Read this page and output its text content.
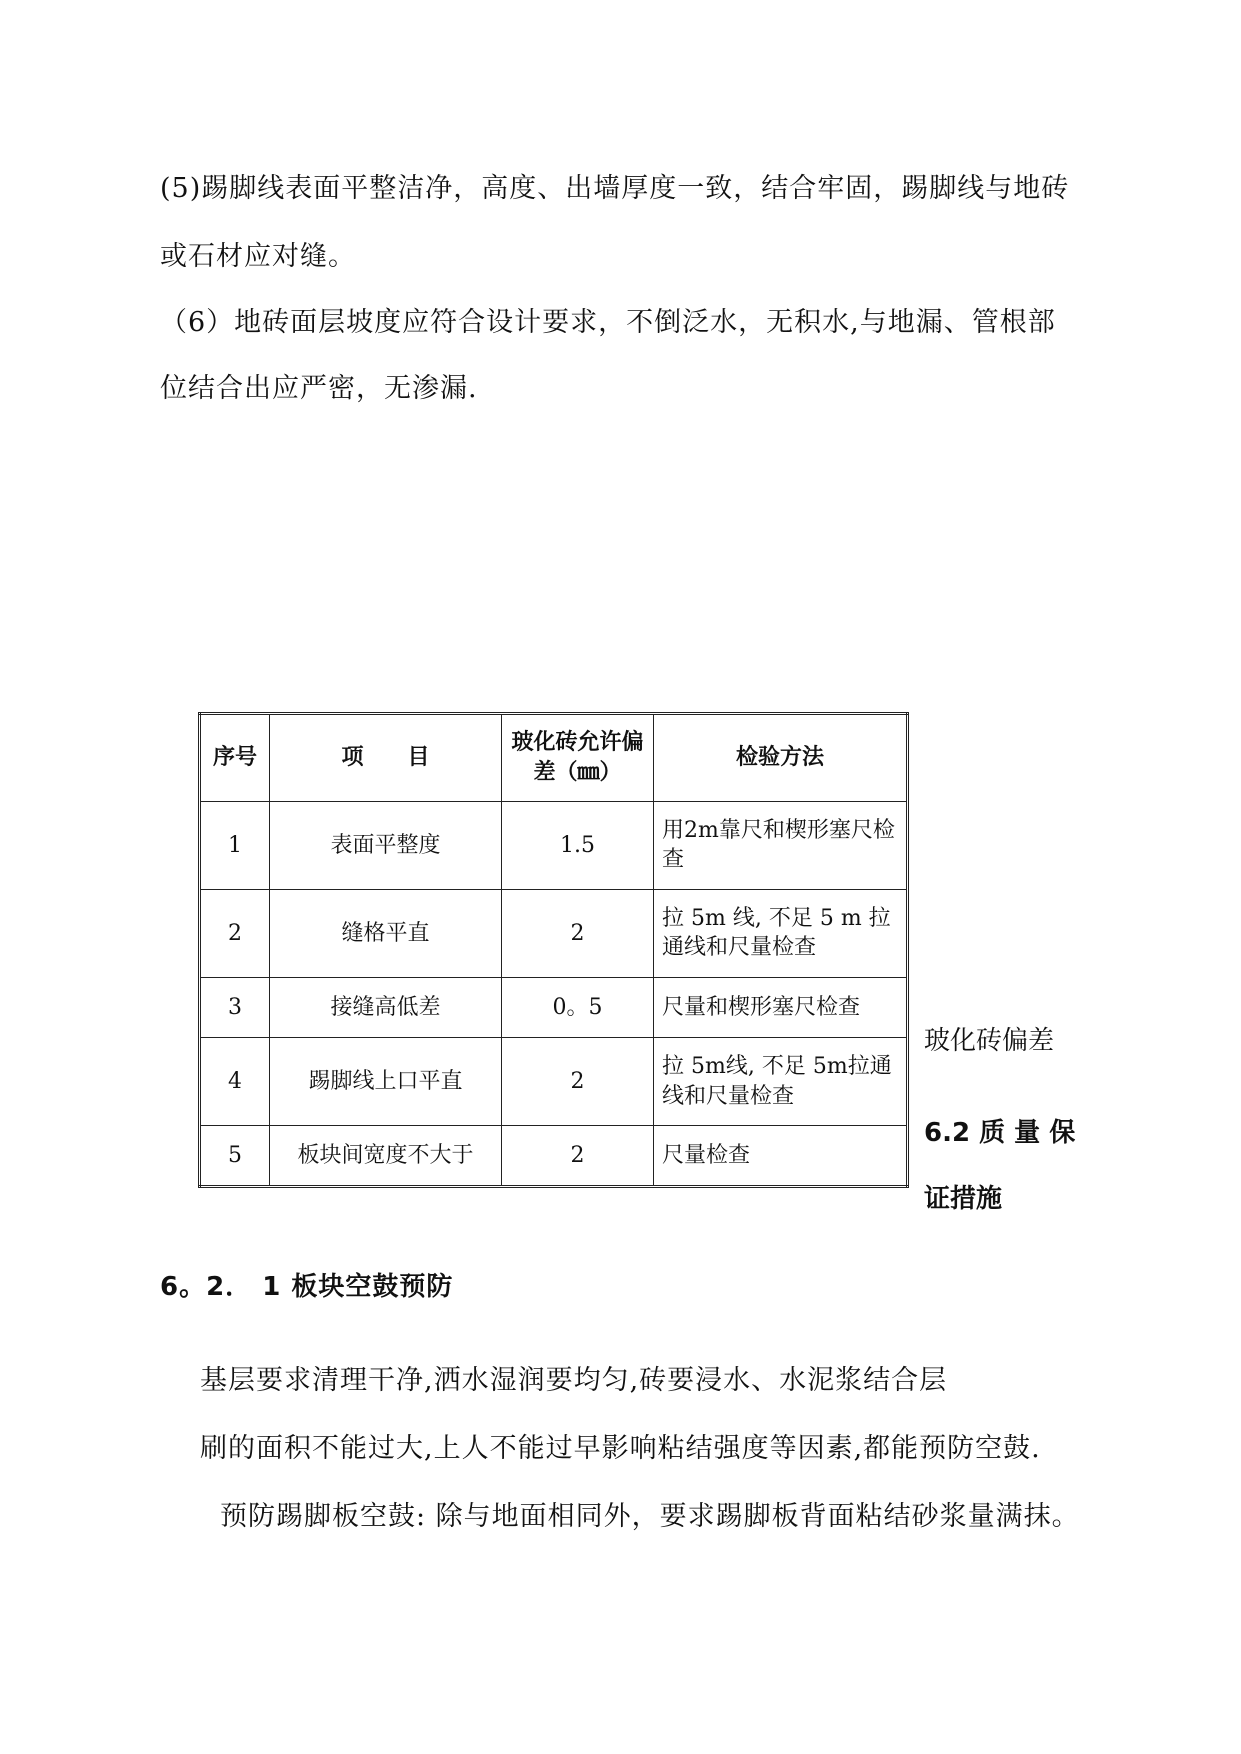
(5)踢脚线表面平整洁净，高度、出墙厚度一致，结合牢固，踢脚线与地砖
或石材应对缝。
（6）地砖面层坡度应符合设计要求，不倒泛水，无积水,与地漏、管根部
位结合出应严密，无渗漏.
序号	项　　目	玻化砖允许偏差（㎜）	检验方法
1	表面平整度	1.5	用2m靠尺和楔形塞尺检查
2	缝格平直	2	拉 5m 线, 不足 5 m 拉通线和尺量检查
3	接缝高低差	0。5	尺量和楔形塞尺检查
4	踢脚线上口平直	2	拉 5m线, 不足 5m拉通线和尺量检查
5	板块间宽度不大于	2	尺量检查
玻化砖偏差
6.2 质 量 保
证措施
6。2． 1 板块空鼓预防
基层要求清理干净,洒水湿润要均匀,砖要浸水、水泥浆结合层
刷的面积不能过大,上人不能过早影响粘结强度等因素,都能预防空鼓.
预防踢脚板空鼓: 除与地面相同外，要求踢脚板背面粘结砂浆量满抹。
